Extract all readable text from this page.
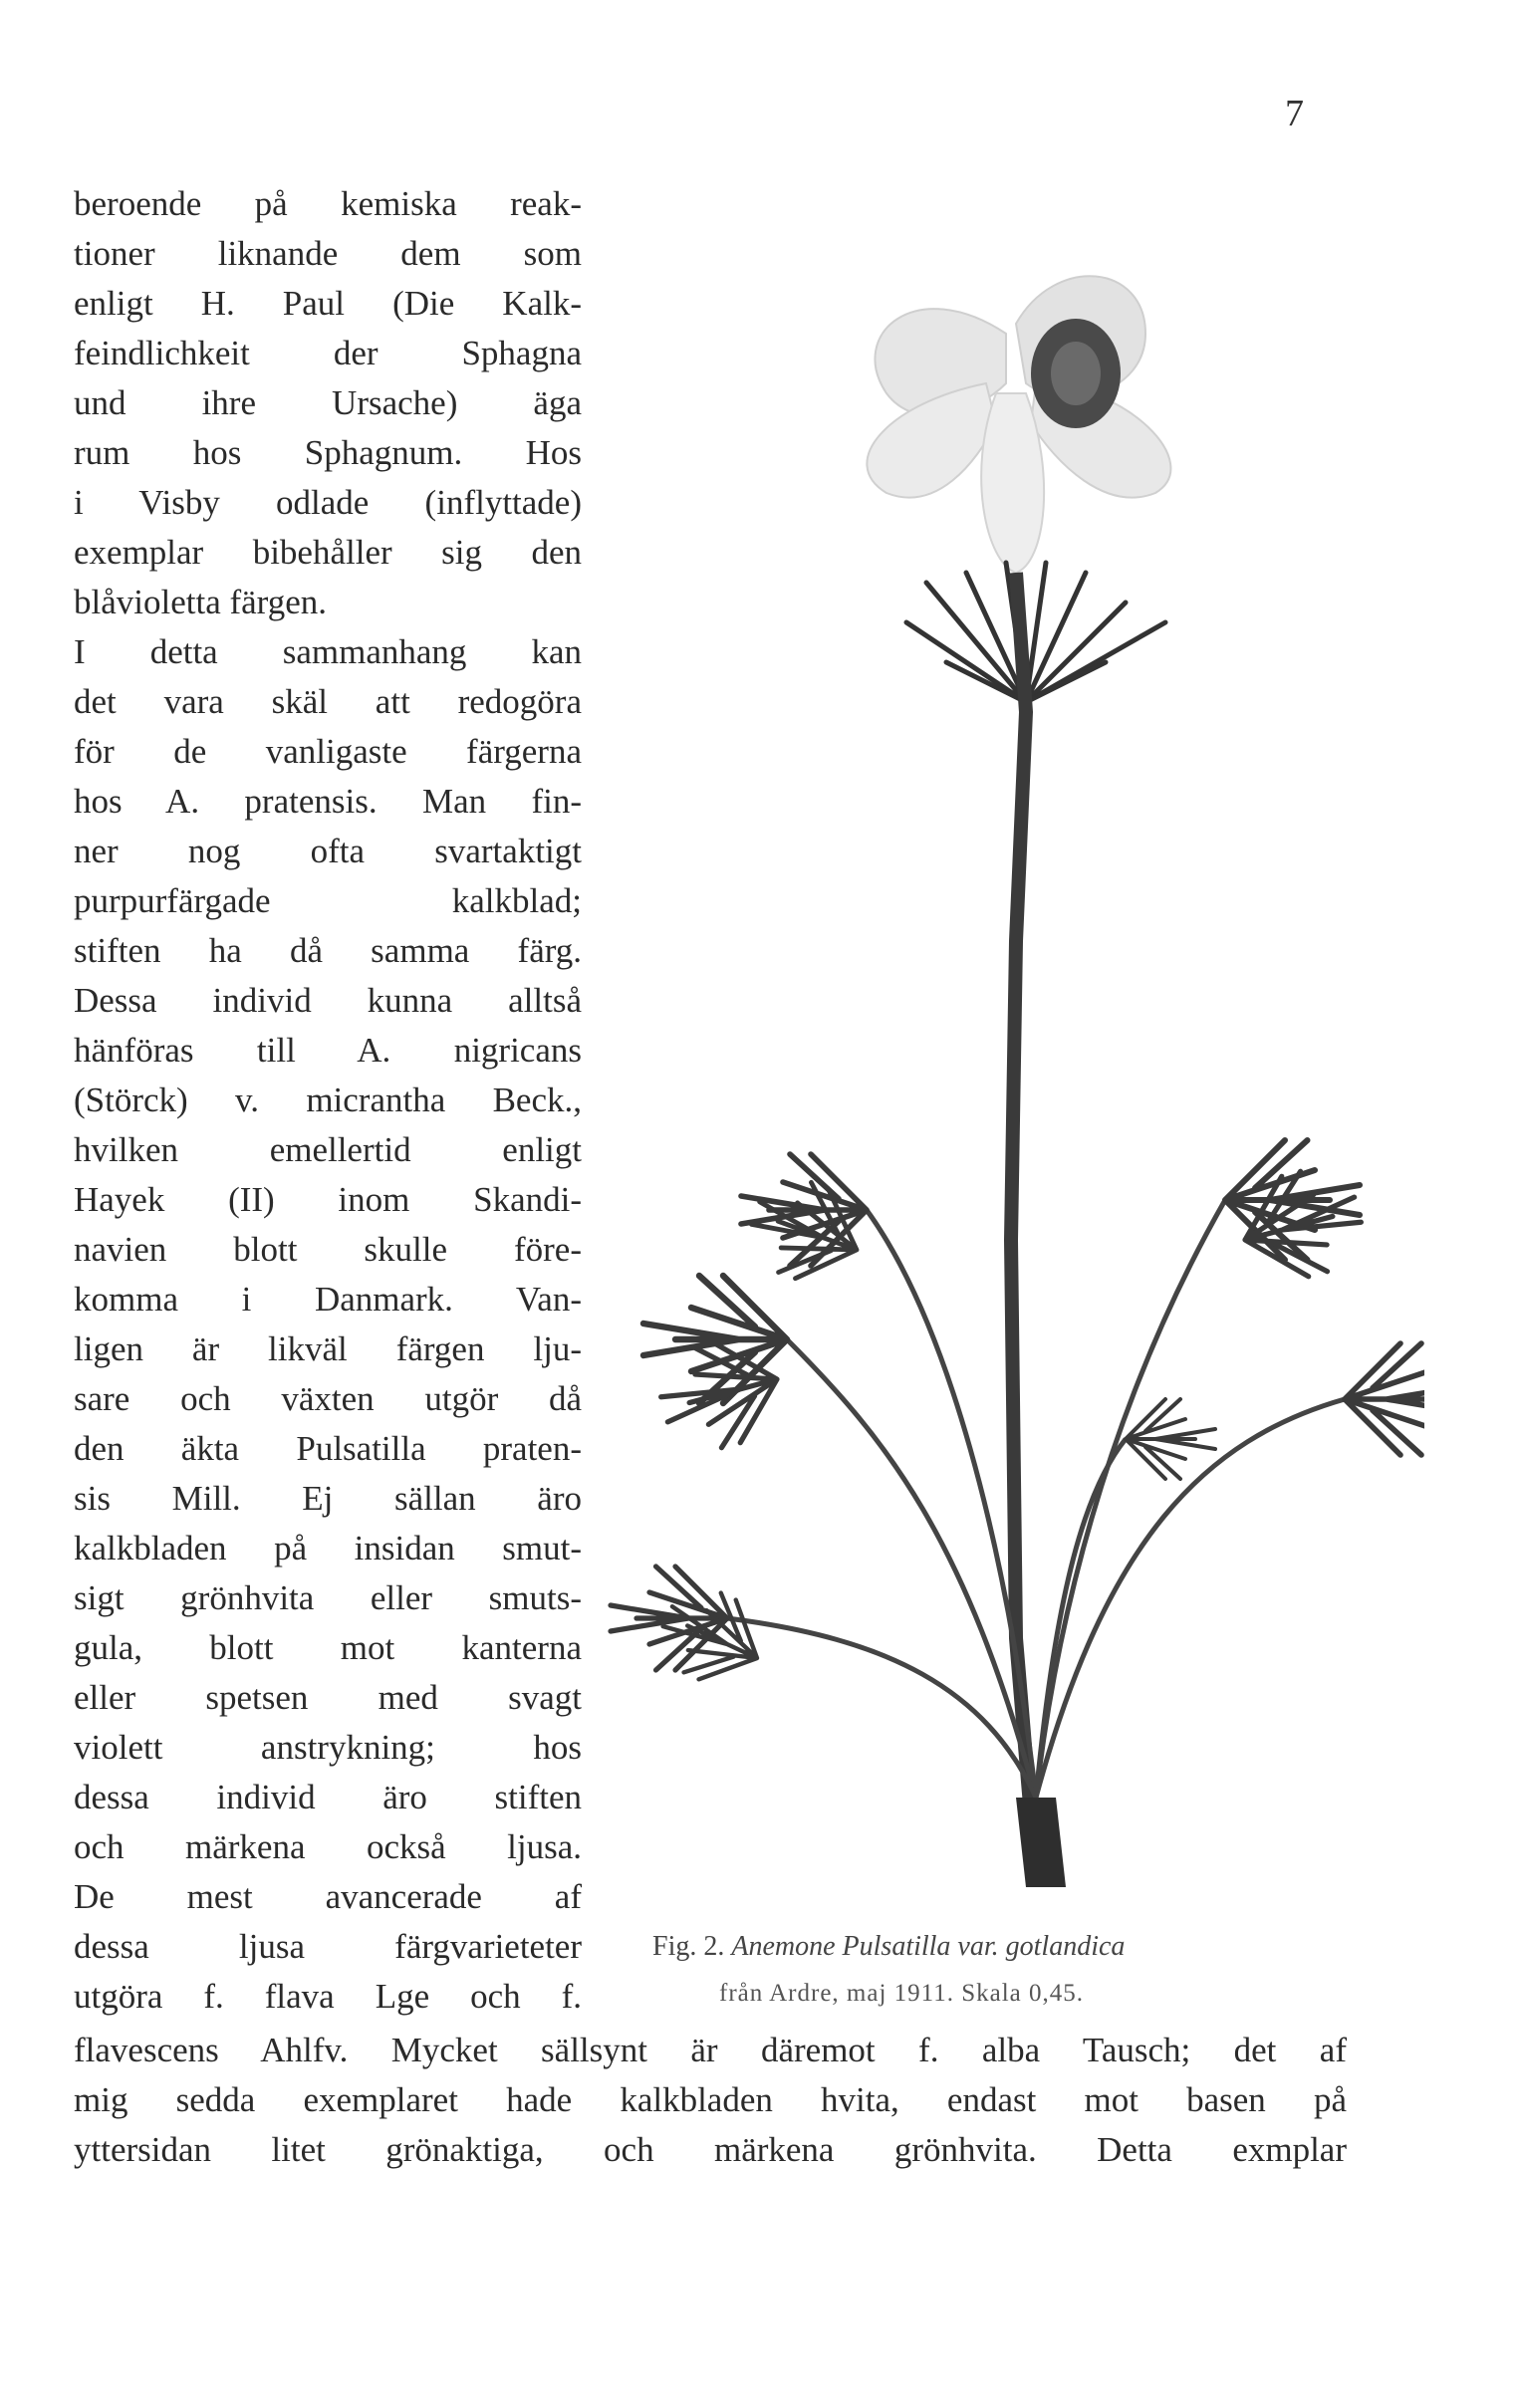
7
beroende på kemiska reak-
tioner liknande dem som
enligt H. Paul (Die Kalk-
feindlichkeit der Sphagna
und ihre Ursache) äga
rum hos Sphagnum. Hos
i Visby odlade (inflyttade)
exemplar bibehåller sig den
blåvioletta färgen.
I detta sammanhang kan
det vara skäl att redogöra
för de vanligaste färgerna
hos A. pratensis. Man fin-
ner nog ofta svartaktigt
purpurfärgade kalkblad;
stiften ha då samma färg.
Dessa individ kunna alltså
hänföras till A. nigricans
(Störck) v. micrantha Beck.,
hvilken emellertid enligt
Hayek (II) inom Skandi-
navien blott skulle före-
komma i Danmark. Van-
ligen är likväl färgen lju-
sare och växten utgör då
den äkta Pulsatilla praten-
sis Mill. Ej sällan äro
kalkbladen på insidan smut-
sigt grönhvita eller smuts-
gula, blott mot kanterna
eller spetsen med svagt
violett anstrykning; hos
dessa individ äro stiften
och märkena också ljusa.
De mest avancerade af
dessa ljusa färgvarieteter
utgöra f. flava Lge och f.
Fig. 2. Anemone Pulsatilla var. gotlandica
från Ardre, maj 1911. Skala 0,45.
flavescens Ahlfv. Mycket sällsynt är däremot f. alba Tausch; det af
mig sedda exemplaret hade kalkbladen hvita, endast mot basen på
yttersidan litet grönaktiga, och märkena grönhvita. Detta exmplar
